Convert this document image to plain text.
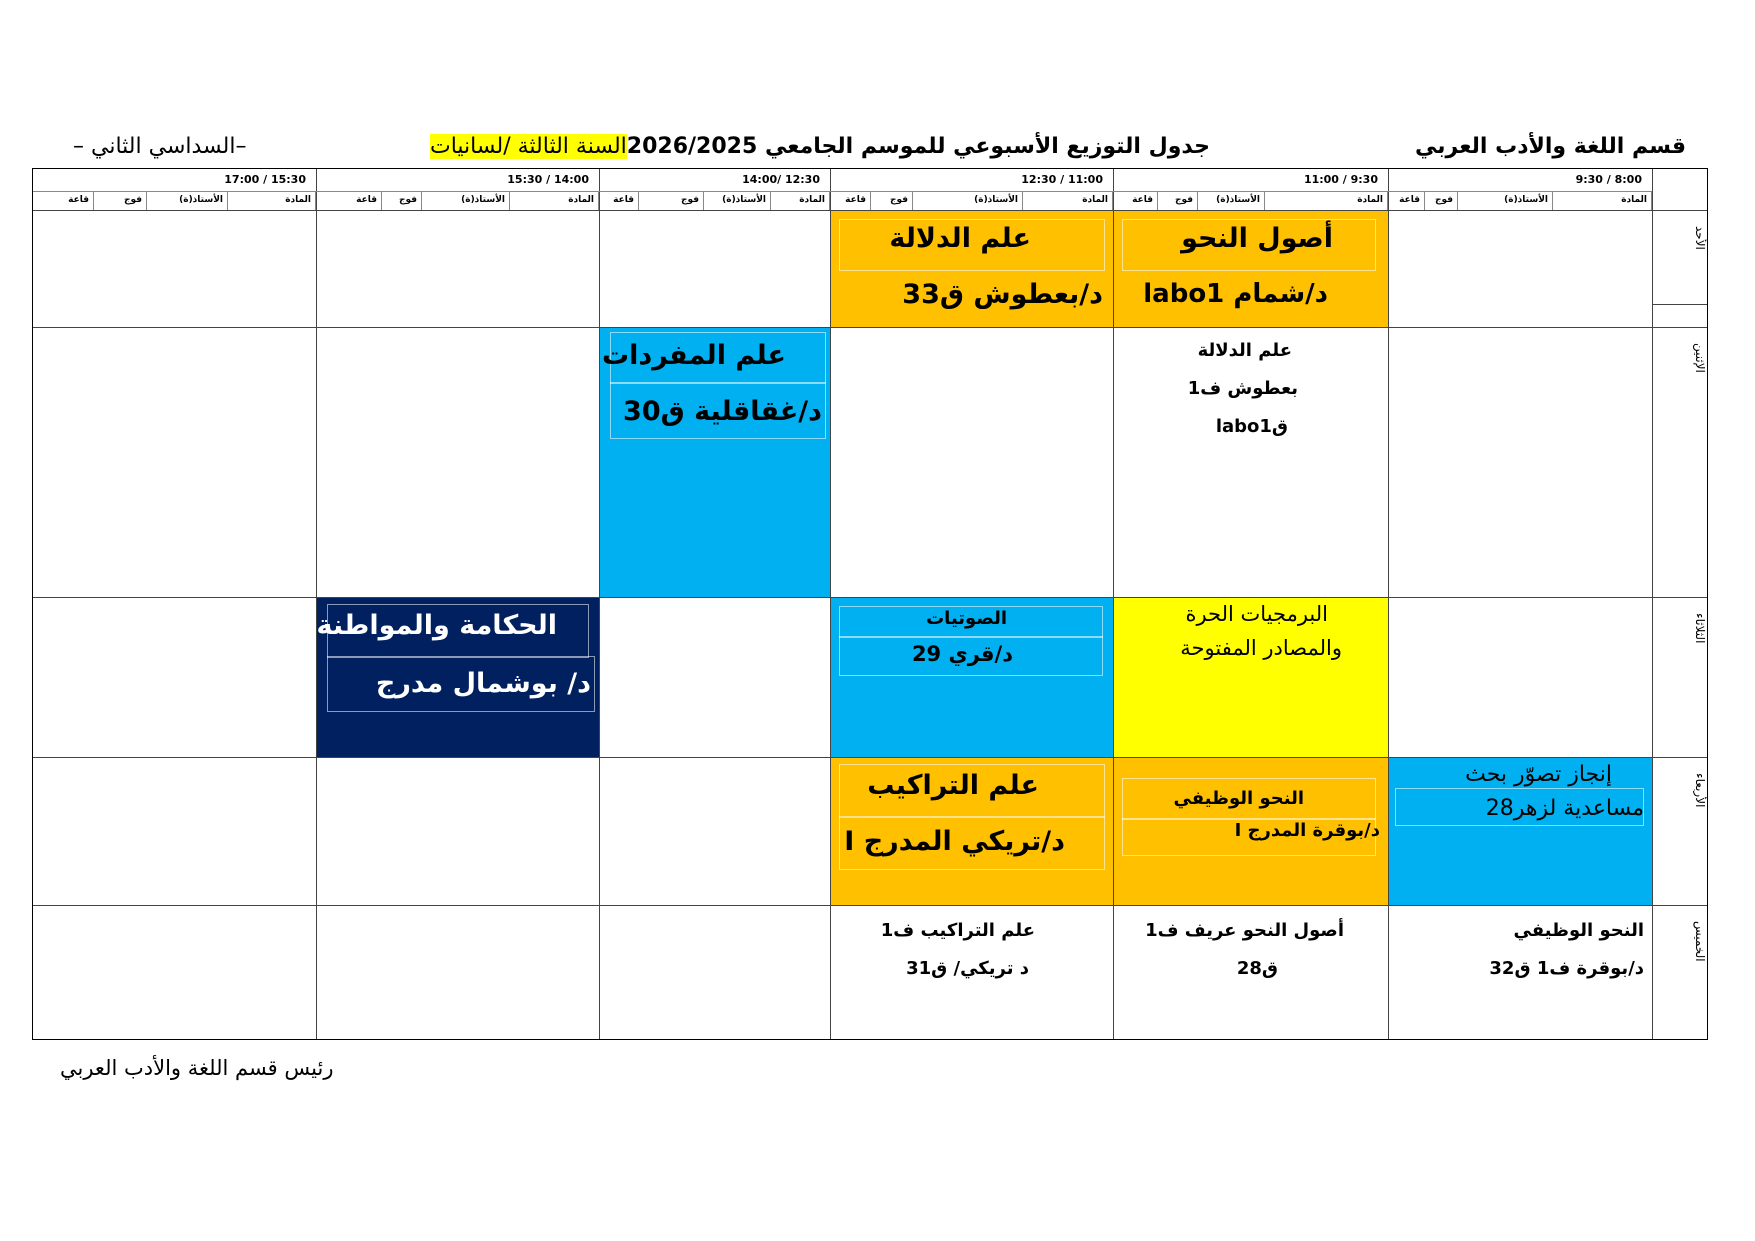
قسم اللغة والأدب العربي
جدول التوزيع الأسبوعي للموسم الجامعي 2026/2025السنة الثالثة /لسانيات
–السداسي الثاني –
9:30 / 8:00
11:00 / 9:30
12:30 / 11:00
14:00/ 12:30
15:30 / 14:00
17:00 / 15:30
المادة
الأستاذ(ة)
فوج
قاعة
المادة
الأستاذ(ة)
فوج
قاعة
المادة
الأستاذ(ة)
فوج
قاعة
المادة
الأستاذ(ة)
فوج
قاعة
المادة
الأستاذ(ة)
فوج
قاعة
المادة
الأستاذ(ة)
فوج
قاعة
الأحد
الإثنين
الثلاثاء
الأربعاء
الخميس
أصول النحو
د/شمام labo1
علم الدلالة
د/بعطوش ق33
علم الدلالة
بعطوش ف1
قlabo1
علم المفردات
د/غقاقلية ق30
البرمجيات الحرة
والمصادر المفتوحة
الصوتيات
د/قري 29
الحكامة والمواطنة
د/ بوشمال مدرج
إنجاز تصوّر بحث
مساعدية لزهر28
النحو الوظيفي
د/بوقرة المدرج I
علم التراكيب
د/تريكي المدرج I
النحو الوظيفي
د/بوقرة ف1 ق32
أصول النحو عريف ف1
ق28
علم التراكيب ف1
د تريكي/ ق31
رئيس قسم اللغة والأدب العربي
